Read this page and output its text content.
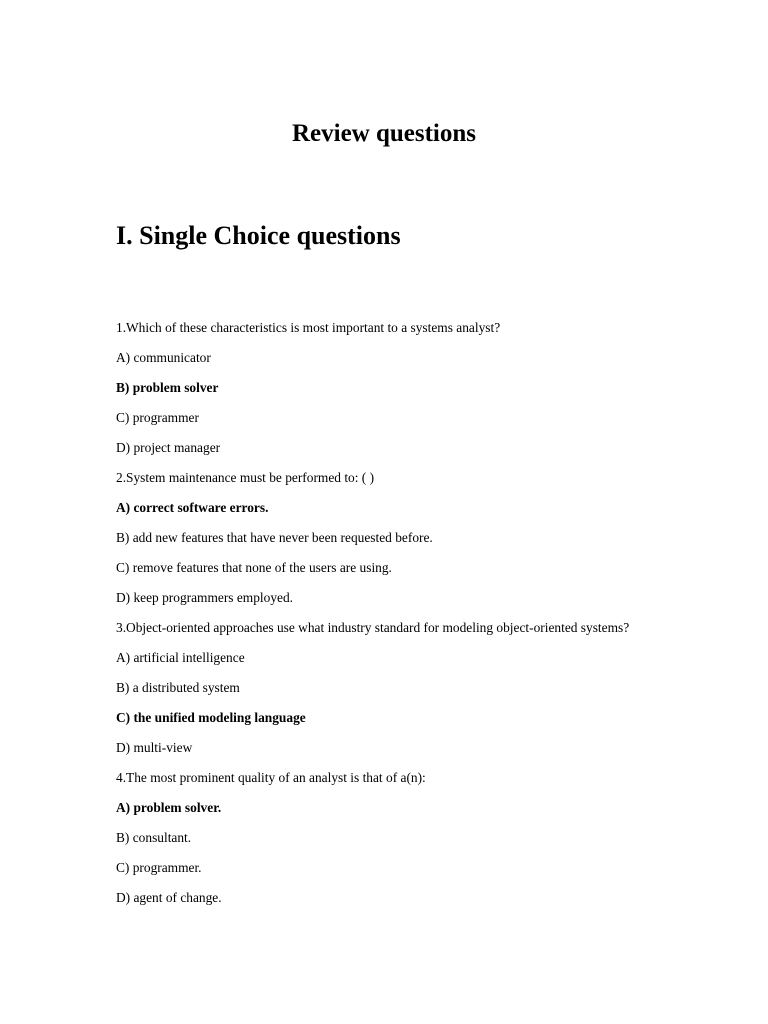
Review questions
I. Single Choice questions

1.Which of these characteristics is most important to a systems analyst?

A) communicator

B) problem solver

C) programmer

D) project manager

2.System maintenance must be performed to: ( )

A) correct software errors.

B) add new features that have never been requested before.

C) remove features that none of the users are using.

D) keep programmers employed.

3.Object-oriented approaches use what industry standard for modeling object-oriented systems?

A) artificial intelligence

B) a distributed system

C) the unified modeling language

D) multi-view

4.The most prominent quality of an analyst is that of a(n):

A) problem solver.

B) consultant.

C) programmer.

D) agent of change.
